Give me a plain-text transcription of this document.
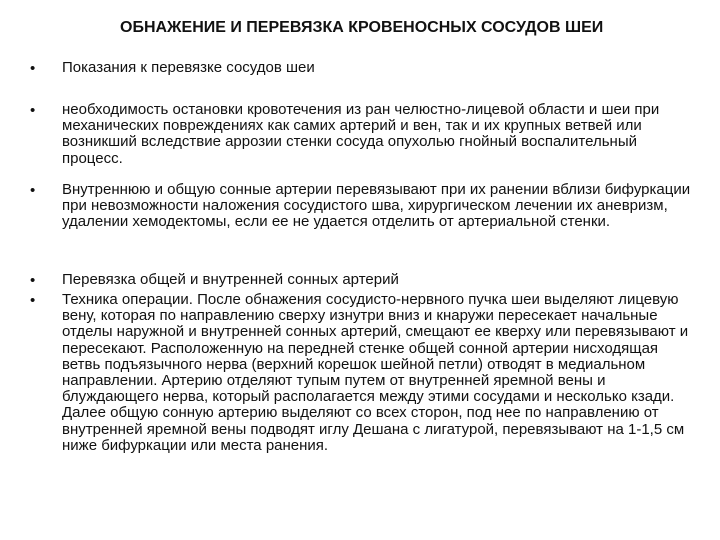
ОБНАЖЕНИЕ И ПЕРЕВЯЗКА КРОВЕНОСНЫХ СОСУДОВ ШЕИ
• Показания к перевязке сосудов шеи
• необходимость остановки кровотечения из ран челюстно-лицевой области и шеи при механических повреждениях как самих артерий и вен, так и их крупных ветвей или возникший вследствие аррозии стенки сосуда опухолью гнойный воспалительный процесс.
• Внутреннюю и общую сонные артерии перевязывают при их ранении вблизи бифуркации при невозможности наложения сосудистого шва, хирургическом лечении их аневризм, удалении хемодектомы, если ее не удается отделить от артериальной стенки.
• Перевязка общей и внутренней сонных артерий
• Техника операции. После обнажения сосудисто-нервного пучка шеи выделяют лицевую вену, которая по направлению сверху изнутри вниз и кнаружи пересекает начальные отделы наружной и внутренней сонных артерий, смещают ее кверху или перевязывают и пересекают. Расположенную на передней стенке общей сонной артерии нисходящая ветвь подъязычного нерва (верхний корешок шейной петли) отводят в медиальном направлении. Артерию отделяют тупым путем от внутренней яремной вены и блуждающего нерва, который располагается между этими сосудами и несколько кзади. Далее общую сонную артерию выделяют со всех сторон, под нее по направлению от внутренней яремной вены подводят иглу Дешана с лигатурой, перевязывают на 1-1,5 см ниже бифуркации или места ранения.
